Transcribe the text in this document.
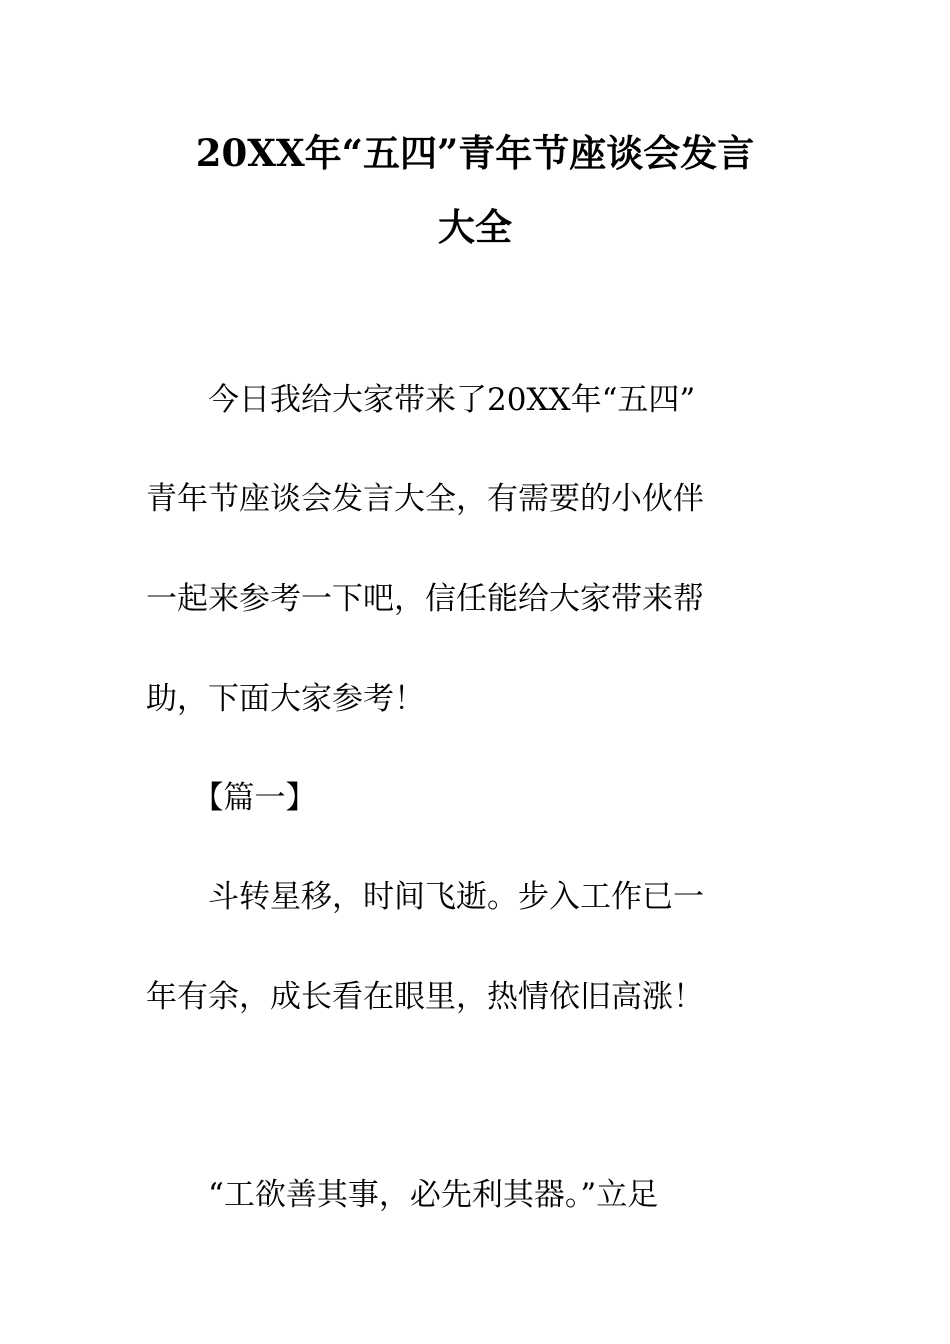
20XX年“五四”青年节座谈会发言
大全
　　今日我给大家带来了20XX年“五四”
青年节座谈会发言大全，有需要的小伙伴
一起来参考一下吧，信任能给大家带来帮
助，下面大家参考！
　　【篇一】
　　斗转星移，时间飞逝。步入工作已一
年有余，成长看在眼里，热情依旧高涨！
　　“工欲善其事，必先利其器。”立足
